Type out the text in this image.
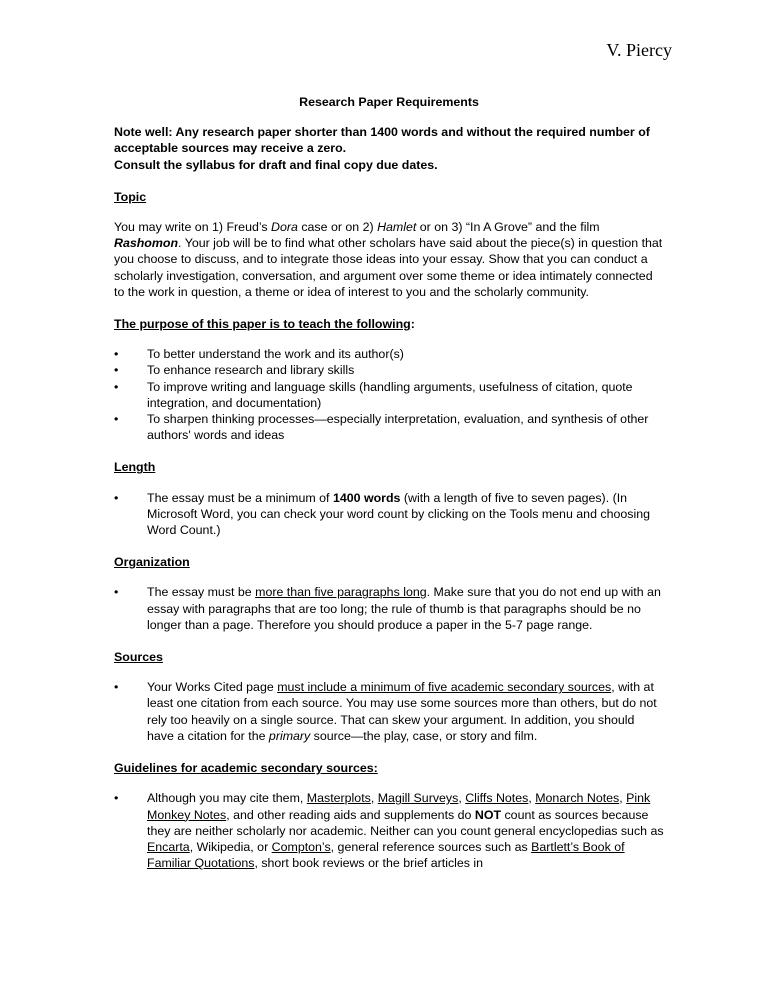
V. Piercy
Research Paper Requirements

Note well: Any research paper shorter than 1400 words and without the required number of acceptable sources may receive a zero.

Consult the syllabus for draft and final copy due dates.

Topic

You may write on 1) Freud’s Dora case or on 2) Hamlet or on 3) “In A Grove” and the film Rashomon. Your job will be to find what other scholars have said about the piece(s) in question that you choose to discuss, and to integrate those ideas into your essay. Show that you can conduct a scholarly investigation, conversation, and argument over some theme or idea intimately connected to the work in question, a theme or idea of interest to you and the scholarly community.

The purpose of this paper is to teach the following:
• To better understand the work and its author(s)
• To enhance research and library skills
• To improve writing and language skills (handling arguments, usefulness of citation, quote integration, and documentation)
• To sharpen thinking processes—especially interpretation, evaluation, and synthesis of other authors' words and ideas
Length
• The essay must be a minimum of 1400 words (with a length of five to seven pages). (In Microsoft Word, you can check your word count by clicking on the Tools menu and choosing Word Count.)
Organization
• The essay must be more than five paragraphs long. Make sure that you do not end up with an essay with paragraphs that are too long; the rule of thumb is that paragraphs should be no longer than a page. Therefore you should produce a paper in the 5-7 page range.
Sources
• Your Works Cited page must include a minimum of five academic secondary sources, with at least one citation from each source. You may use some sources more than others, but do not rely too heavily on a single source. That can skew your argument. In addition, you should have a citation for the primary source—the play, case, or story and film.
Guidelines for academic secondary sources:
• Although you may cite them, Masterplots, Magill Surveys, Cliffs Notes, Monarch Notes, Pink Monkey Notes, and other reading aids and supplements do NOT count as sources because they are neither scholarly nor academic. Neither can you count general encyclopedias such as Encarta, Wikipedia, or Compton’s, general reference sources such as Bartlett’s Book of Familiar Quotations, short book reviews or the brief articles in
